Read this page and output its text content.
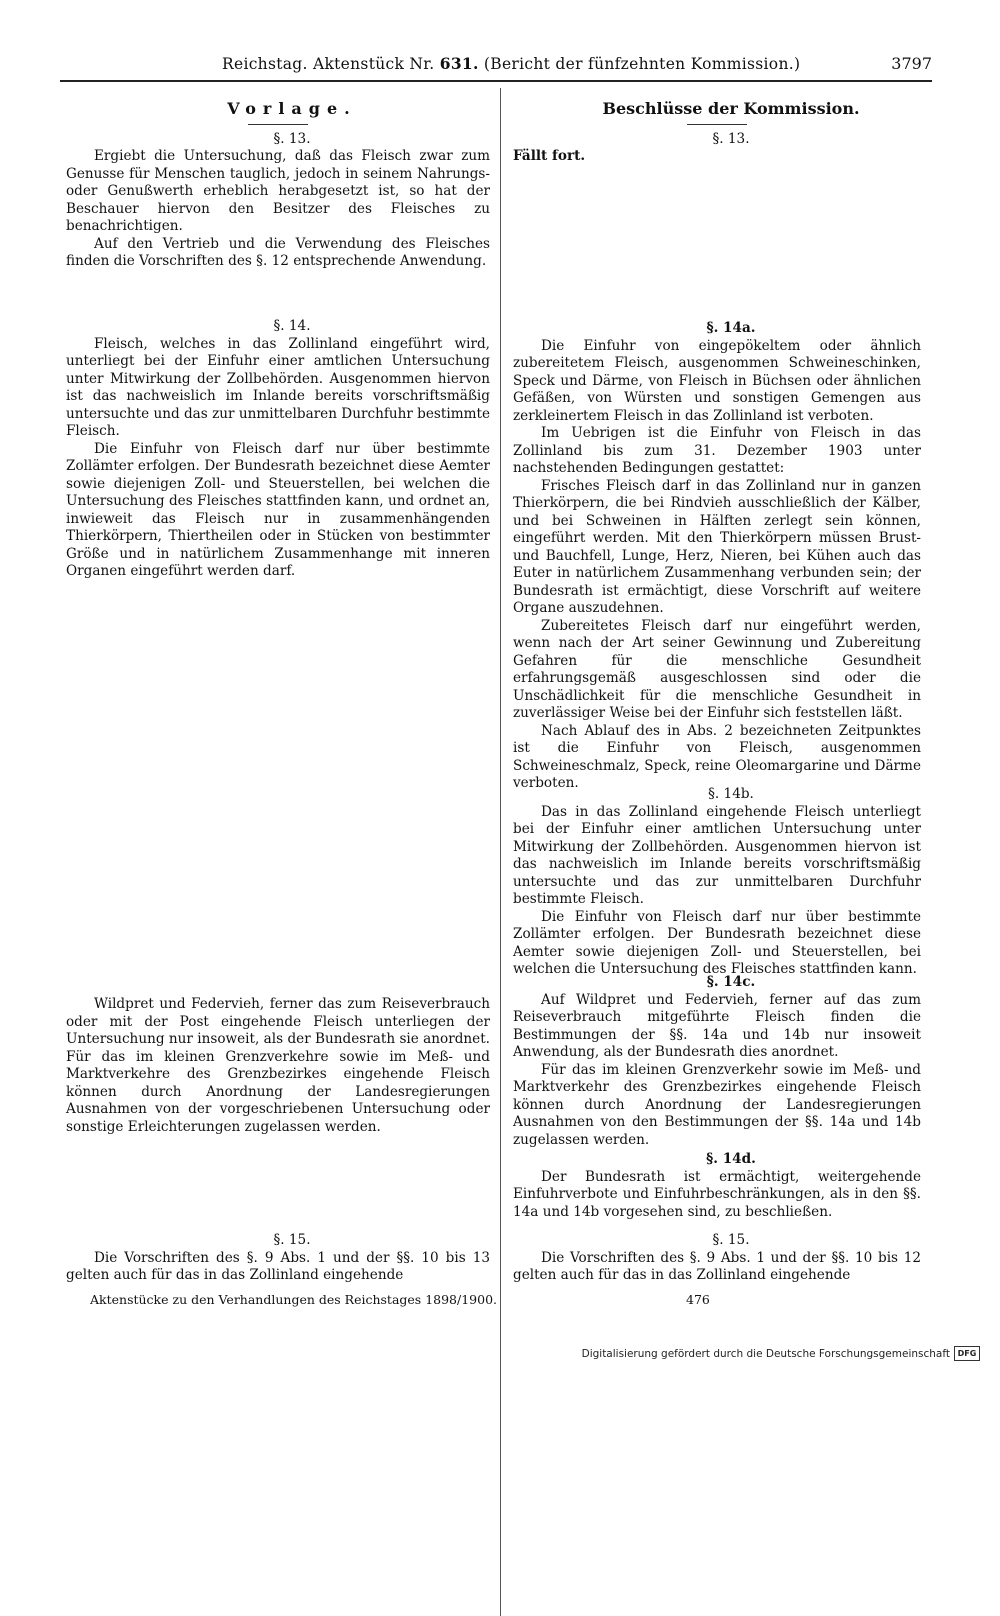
Reichstag. Aktenstück Nr. 631. (Bericht der fünfzehnten Kommission.)	3797

Vorlage.

§. 13.

Ergiebt die Untersuchung, daß das Fleisch zwar zum Genusse für Menschen tauglich, jedoch in seinem Nahrungs- oder Genußwerth erheblich herabgesetzt ist, so hat der Beschauer hiervon den Besitzer des Fleisches zu benachrichtigen.

Auf den Vertrieb und die Verwendung des Fleisches finden die Vorschriften des §. 12 entsprechende Anwendung.

§. 14.

Fleisch, welches in das Zollinland eingeführt wird, unterliegt bei der Einfuhr einer amtlichen Untersuchung unter Mitwirkung der Zollbehörden. Ausgenommen hiervon ist das nachweislich im Inlande bereits vorschriftsmäßig untersuchte und das zur unmittelbaren Durchfuhr bestimmte Fleisch.

Die Einfuhr von Fleisch darf nur über bestimmte Zollämter erfolgen. Der Bundesrath bezeichnet diese Aemter sowie diejenigen Zoll- und Steuerstellen, bei welchen die Untersuchung des Fleisches stattfinden kann, und ordnet an, inwieweit das Fleisch nur in zusammenhängenden Thierkörpern, Thiertheilen oder in Stücken von bestimmter Größe und in natürlichem Zusammenhange mit inneren Organen eingeführt werden darf.

Wildpret und Federvieh, ferner das zum Reiseverbrauch oder mit der Post eingehende Fleisch unterliegen der Untersuchung nur insoweit, als der Bundesrath sie anordnet. Für das im kleinen Grenzverkehre sowie im Meß- und Marktverkehre des Grenzbezirkes eingehende Fleisch können durch Anordnung der Landesregierungen Ausnahmen von der vorgeschriebenen Untersuchung oder sonstige Erleichterungen zugelassen werden.

§. 15.

Die Vorschriften des §. 9 Abs. 1 und der §§. 10 bis 13 gelten auch für das in das Zollinland eingehende

Beschlüsse der Kommission.

§. 13.

Fällt fort.

§. 14a.

Die Einfuhr von eingepökeltem oder ähnlich zubereitetem Fleisch, ausgenommen Schweineschinken, Speck und Därme, von Fleisch in Büchsen oder ähnlichen Gefäßen, von Würsten und sonstigen Gemengen aus zerkleinertem Fleisch in das Zollinland ist verboten.

Im Uebrigen ist die Einfuhr von Fleisch in das Zollinland bis zum 31. Dezember 1903 unter nachstehenden Bedingungen gestattet:

Frisches Fleisch darf in das Zollinland nur in ganzen Thierkörpern, die bei Rindvieh ausschließlich der Kälber, und bei Schweinen in Hälften zerlegt sein können, eingeführt werden. Mit den Thierkörpern müssen Brust- und Bauchfell, Lunge, Herz, Nieren, bei Kühen auch das Euter in natürlichem Zusammenhang verbunden sein; der Bundesrath ist ermächtigt, diese Vorschrift auf weitere Organe auszudehnen.

Zubereitetes Fleisch darf nur eingeführt werden, wenn nach der Art seiner Gewinnung und Zubereitung Gefahren für die menschliche Gesundheit erfahrungsgemäß ausgeschlossen sind oder die Unschädlichkeit für die menschliche Gesundheit in zuverlässiger Weise bei der Einfuhr sich feststellen läßt.

Nach Ablauf des in Abs. 2 bezeichneten Zeitpunktes ist die Einfuhr von Fleisch, ausgenommen Schweineschmalz, Speck, reine Oleomargarine und Därme verboten.

§. 14b.

Das in das Zollinland eingehende Fleisch unterliegt bei der Einfuhr einer amtlichen Untersuchung unter Mitwirkung der Zollbehörden. Ausgenommen hiervon ist das nachweislich im Inlande bereits vorschriftsmäßig untersuchte und das zur unmittelbaren Durchfuhr bestimmte Fleisch.

Die Einfuhr von Fleisch darf nur über bestimmte Zollämter erfolgen. Der Bundesrath bezeichnet diese Aemter sowie diejenigen Zoll- und Steuerstellen, bei welchen die Untersuchung des Fleisches stattfinden kann.

§. 14c.

Auf Wildpret und Federvieh, ferner auf das zum Reiseverbrauch mitgeführte Fleisch finden die Bestimmungen der §§. 14a und 14b nur insoweit Anwendung, als der Bundesrath dies anordnet.

Für das im kleinen Grenzverkehr sowie im Meß- und Marktverkehr des Grenzbezirkes eingehende Fleisch können durch Anordnung der Landesregierungen Ausnahmen von den Bestimmungen der §§. 14a und 14b zugelassen werden.

§. 14d.

Der Bundesrath ist ermächtigt, weitergehende Einfuhrverbote und Einfuhrbeschränkungen, als in den §§. 14a und 14b vorgesehen sind, zu beschließen.

§. 15.

Die Vorschriften des §. 9 Abs. 1 und der §§. 10 bis 12 gelten auch für das in das Zollinland eingehende

Aktenstücke zu den Verhandlungen des Reichstages 1898/1900.	476
Digitalisierung gefördert durch die Deutsche Forschungsgemeinschaft DFG
